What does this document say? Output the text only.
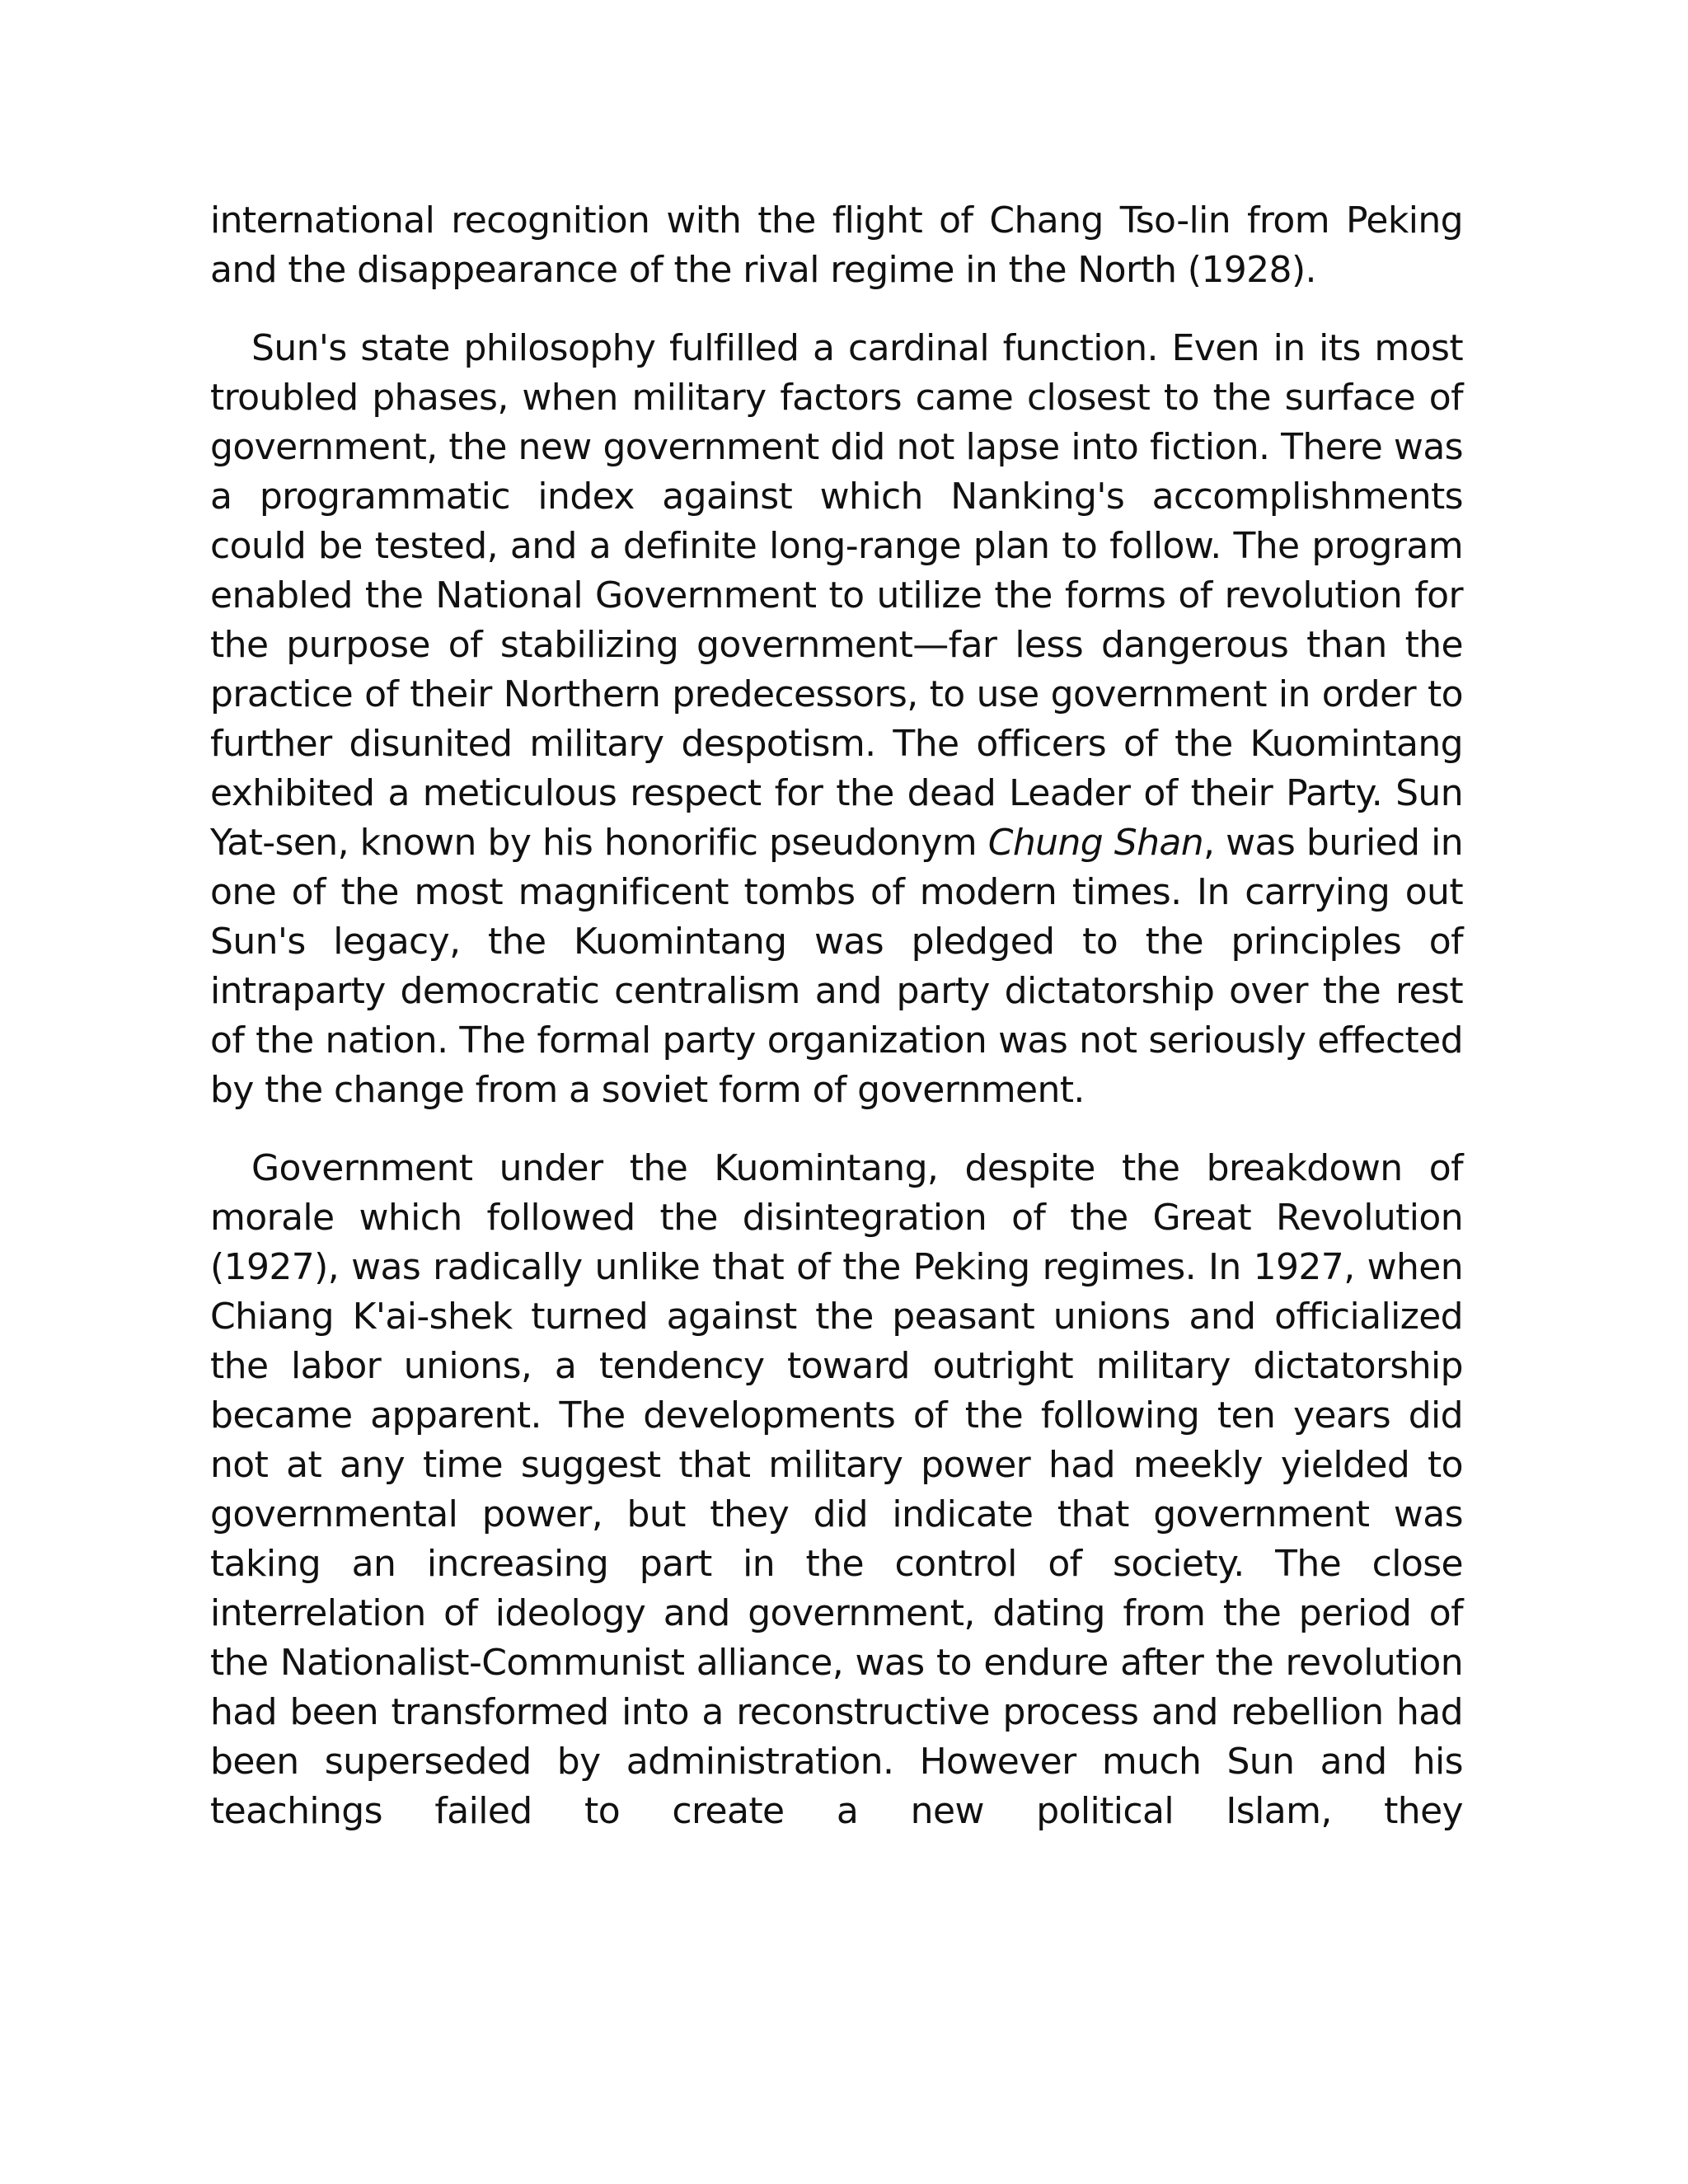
international recognition with the flight of Chang Tso-lin from Peking and the disappearance of the rival regime in the North (1928).

Sun's state philosophy fulfilled a cardinal function. Even in its most troubled phases, when military factors came closest to the surface of government, the new government did not lapse into fiction. There was a programmatic index against which Nanking's accomplishments could be tested, and a definite long-range plan to follow. The program enabled the National Government to utilize the forms of revolution for the purpose of stabilizing government—far less dangerous than the practice of their Northern predecessors, to use government in order to further disunited military despotism. The officers of the Kuomintang exhibited a meticulous respect for the dead Leader of their Party. Sun Yat-sen, known by his honorific pseudonym Chung Shan, was buried in one of the most magnificent tombs of modern times. In carrying out Sun's legacy, the Kuomintang was pledged to the principles of intraparty democratic centralism and party dictatorship over the rest of the nation. The formal party organization was not seriously effected by the change from a soviet form of government.

Government under the Kuomintang, despite the breakdown of morale which followed the disintegration of the Great Revolution (1927), was radically unlike that of the Peking regimes. In 1927, when Chiang K'ai-shek turned against the peasant unions and officialized the labor unions, a tendency toward outright military dictatorship became apparent. The developments of the following ten years did not at any time suggest that military power had meekly yielded to governmental power, but they did indicate that government was taking an increasing part in the control of society. The close interrelation of ideology and government, dating from the period of the Nationalist-Communist alliance, was to endure after the revolution had been transformed into a reconstructive process and rebellion had been superseded by administration. However much Sun and his teachings failed to create a new political Islam, they
